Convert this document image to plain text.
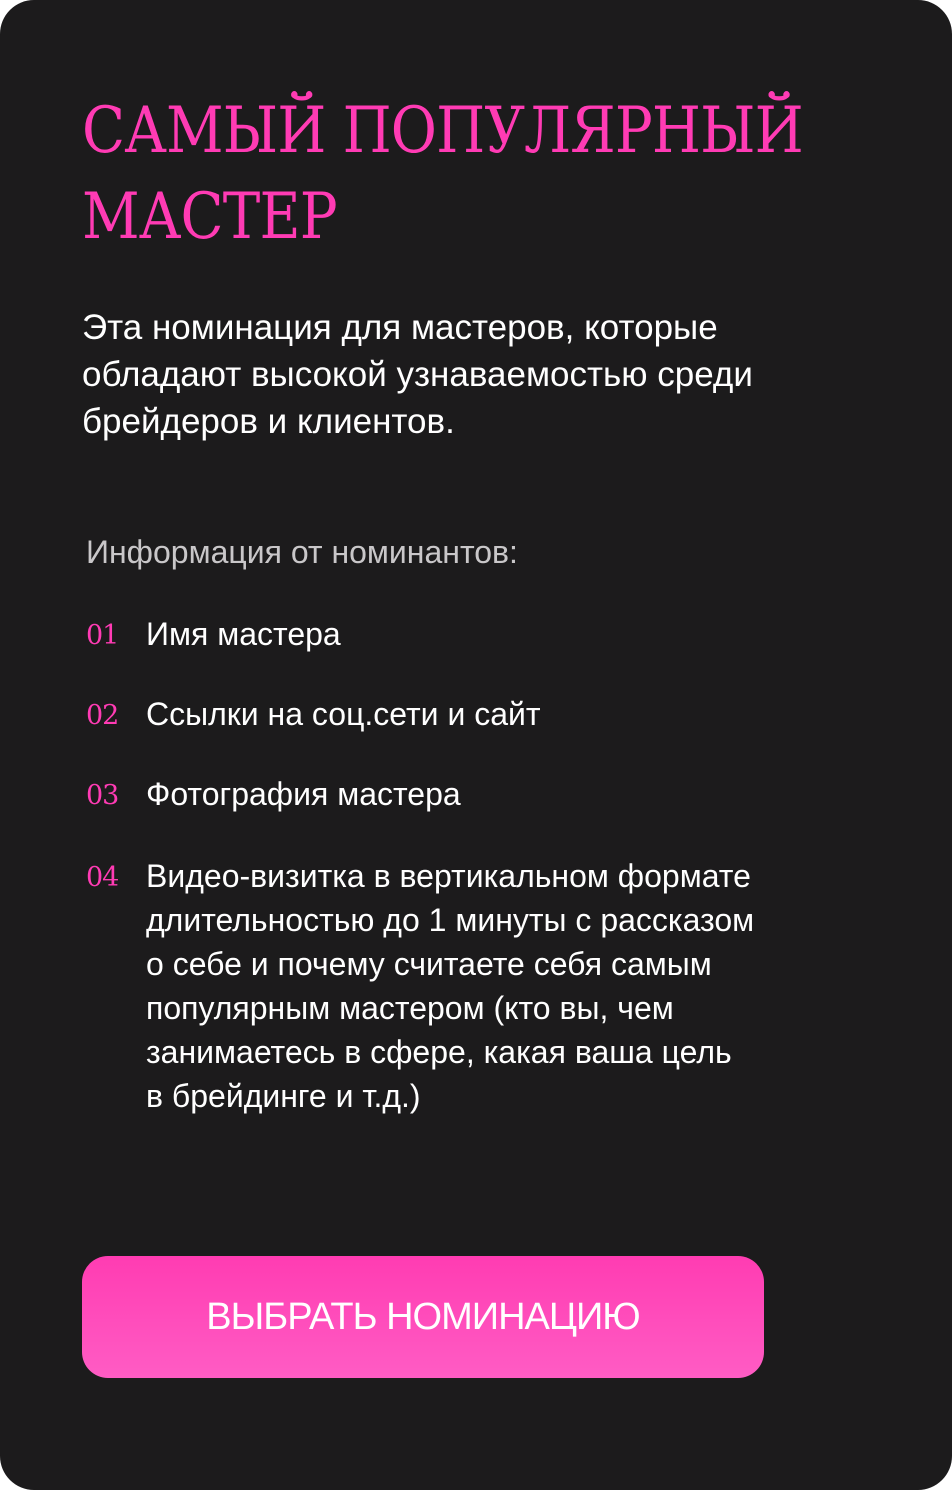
САМЫЙ ПОПУЛЯРНЫЙ
МАСТЕР

Эта номинация для мастеров, которые
обладают высокой узнаваемостью среди
брейдеров и клиентов.

Информация от номинантов:
01 Имя мастера
02 Ссылки на соц.сети и сайт
03 Фотография мастера
04 Видео-визитка в вертикальном формате
длительностью до 1 минуты с рассказом
о себе и почему считаете себя самым
популярным мастером (кто вы, чем
занимаетесь в сфере, какая ваша цель
в брейдинге и т.д.)
ВЫБРАТЬ НОМИНАЦИЮ
